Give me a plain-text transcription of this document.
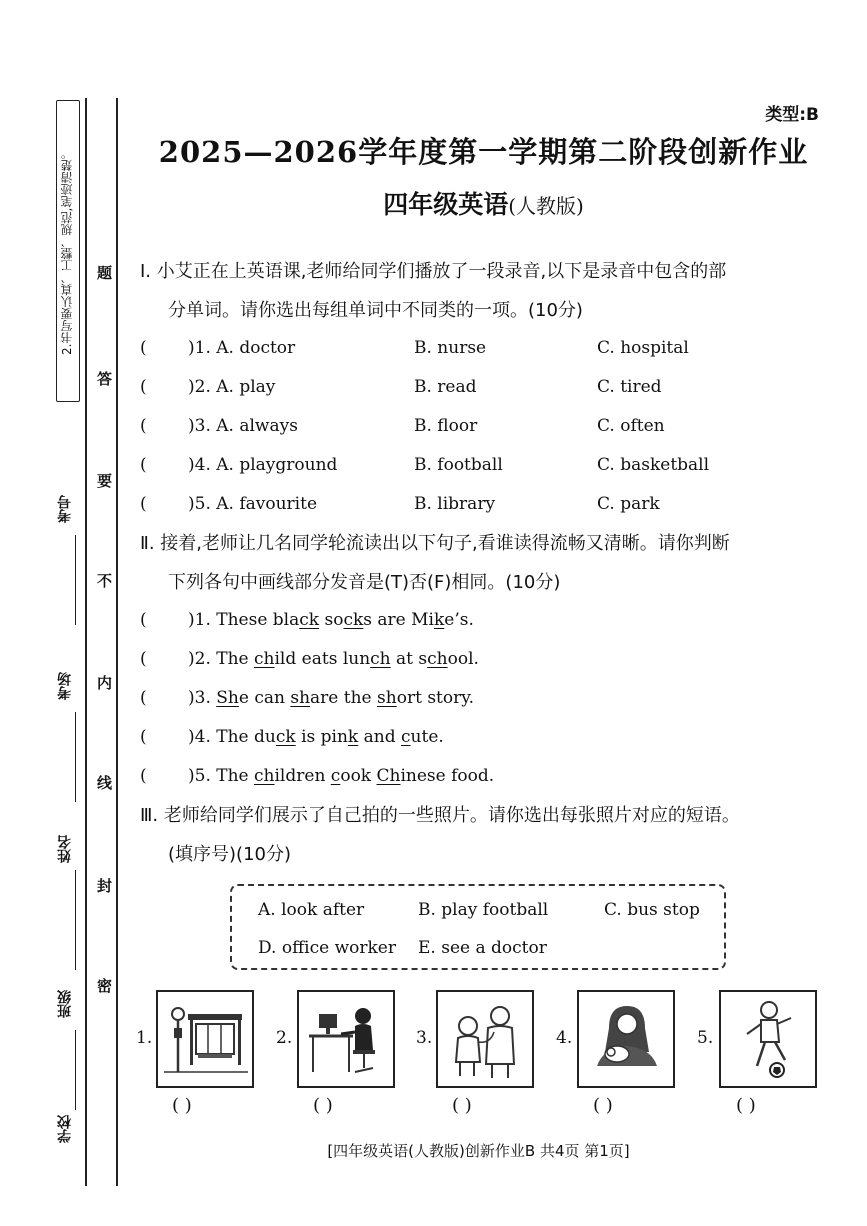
2.书写要认真、工整、规范,笔迹清楚。
考号
考场
姓名
班级
学校
题
答
要
不
内
线
封
密
类型:B
2025—2026学年度第一学期第二阶段创新作业
四年级英语(人教版)
Ⅰ. 小艾正在上英语课,老师给同学们播放了一段录音,以下是录音中包含的部
分单词。请你选出每组单词中不同类的一项。(10分)
( )1. A. doctor	B. nurse	C. hospital
( )2. A. play	B. read	C. tired
( )3. A. always	B. floor	C. often
( )4. A. playground	B. football	C. basketball
( )5. A. favourite	B. library	C. park
Ⅱ. 接着,老师让几名同学轮流读出以下句子,看谁读得流畅又清晰。请你判断
下列各句中画线部分发音是(T)否(F)相同。(10分)
( )1. These black socks are Mike’s.
( )2. The child eats lunch at school.
( )3. She can share the short story.
( )4. The duck is pink and cute.
( )5. The children cook Chinese food.
Ⅲ. 老师给同学们展示了自己拍的一些照片。请你选出每张照片对应的短语。
(填序号)(10分)
A. look after	B. play football	C. bus stop
D. office worker E. see a doctor
1.	2.	3.	4.	5.
( )	( )	( )	( )	( )
[四年级英语(人教版)创新作业B 共4页 第1页]
